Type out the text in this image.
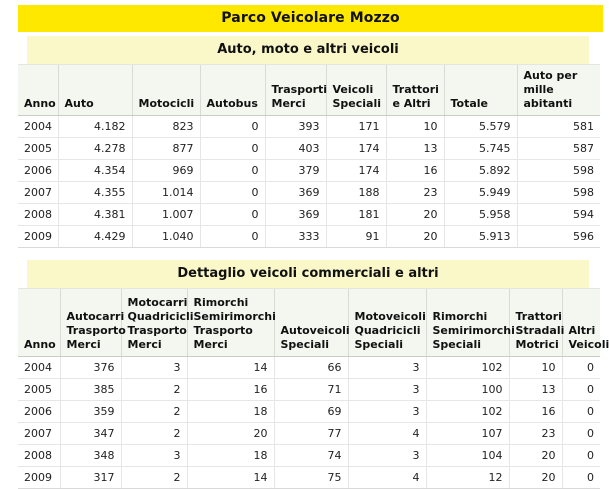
Parco Veicolare Mozzo
Auto, moto e altri veicoli
Anno	Auto	Motocicli	Autobus	Trasporti Merci	Veicoli Speciali	Trattori e Altri	Totale	Auto per mille abitanti
2004	4.182	823	0	393	171	10	5.579	581
2005	4.278	877	0	403	174	13	5.745	587
2006	4.354	969	0	379	174	16	5.892	598
2007	4.355	1.014	0	369	188	23	5.949	598
2008	4.381	1.007	0	369	181	20	5.958	594
2009	4.429	1.040	0	333	91	20	5.913	596
Dettaglio veicoli commerciali e altri
Anno	Autocarri Trasporto Merci	Motocarri Quadricicli Trasporto Merci	Rimorchi Semirimorchi Trasporto Merci	Autoveicoli Speciali	Motoveicoli Quadricicli Speciali	Rimorchi Semirimorchi Speciali	Trattori Stradali Motrici	Altri Veicoli
2004	376	3	14	66	3	102	10	0
2005	385	2	16	71	3	100	13	0
2006	359	2	18	69	3	102	16	0
2007	347	2	20	77	4	107	23	0
2008	348	3	18	74	3	104	20	0
2009	317	2	14	75	4	12	20	0
